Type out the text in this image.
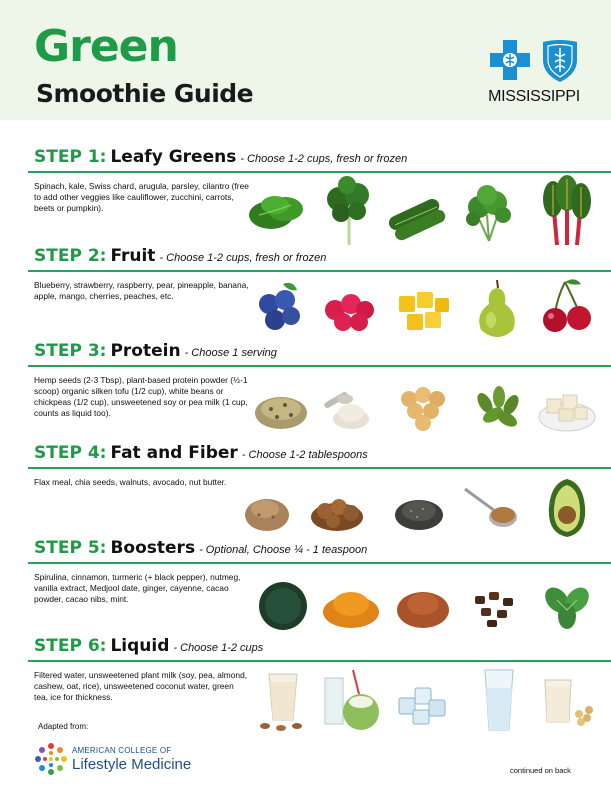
Green
Smoothie Guide	MISSISSIPPI
STEP 1: Leafy Greens - Choose 1-2 cups, fresh or frozen
Spinach, kale, Swiss chard, arugula, parsley, cilantro (free to add other veggies like cauliflower, zucchini, carrots, beets or pumpkin).
STEP 2: Fruit - Choose 1-2 cups, fresh or frozen
Blueberry, strawberry, raspberry, pear, pineapple, banana, apple, mango, cherries, peaches, etc.
STEP 3: Protein - Choose 1 serving
Hemp seeds (2-3 Tbsp), plant-based protein powder (½-1 scoop) organic silken tofu (1/2 cup), white beans or chickpeas (1/2 cup), unsweetened soy or pea milk (1 cup, counts as liquid too).
STEP 4: Fat and Fiber - Choose 1-2 tablespoons
Flax meal, chia seeds, walnuts, avocado, nut butter.
STEP 5: Boosters - Optional, Choose ¼ - 1 teaspoon
Spirulina, cinnamon, turmeric (+ black pepper), nutmeg, vanilla extract, Medjool date, ginger, cayenne, cacao powder, cacao nibs, mint.
STEP 6: Liquid - Choose 1-2 cups
Filtered water, unsweetened plant milk (soy, pea, almond, cashew, oat, rice), unsweetened coconut water, green tea, ice for thickness.
Adapted from:
AMERICAN COLLEGE OF
Lifestyle Medicine	continued on back
